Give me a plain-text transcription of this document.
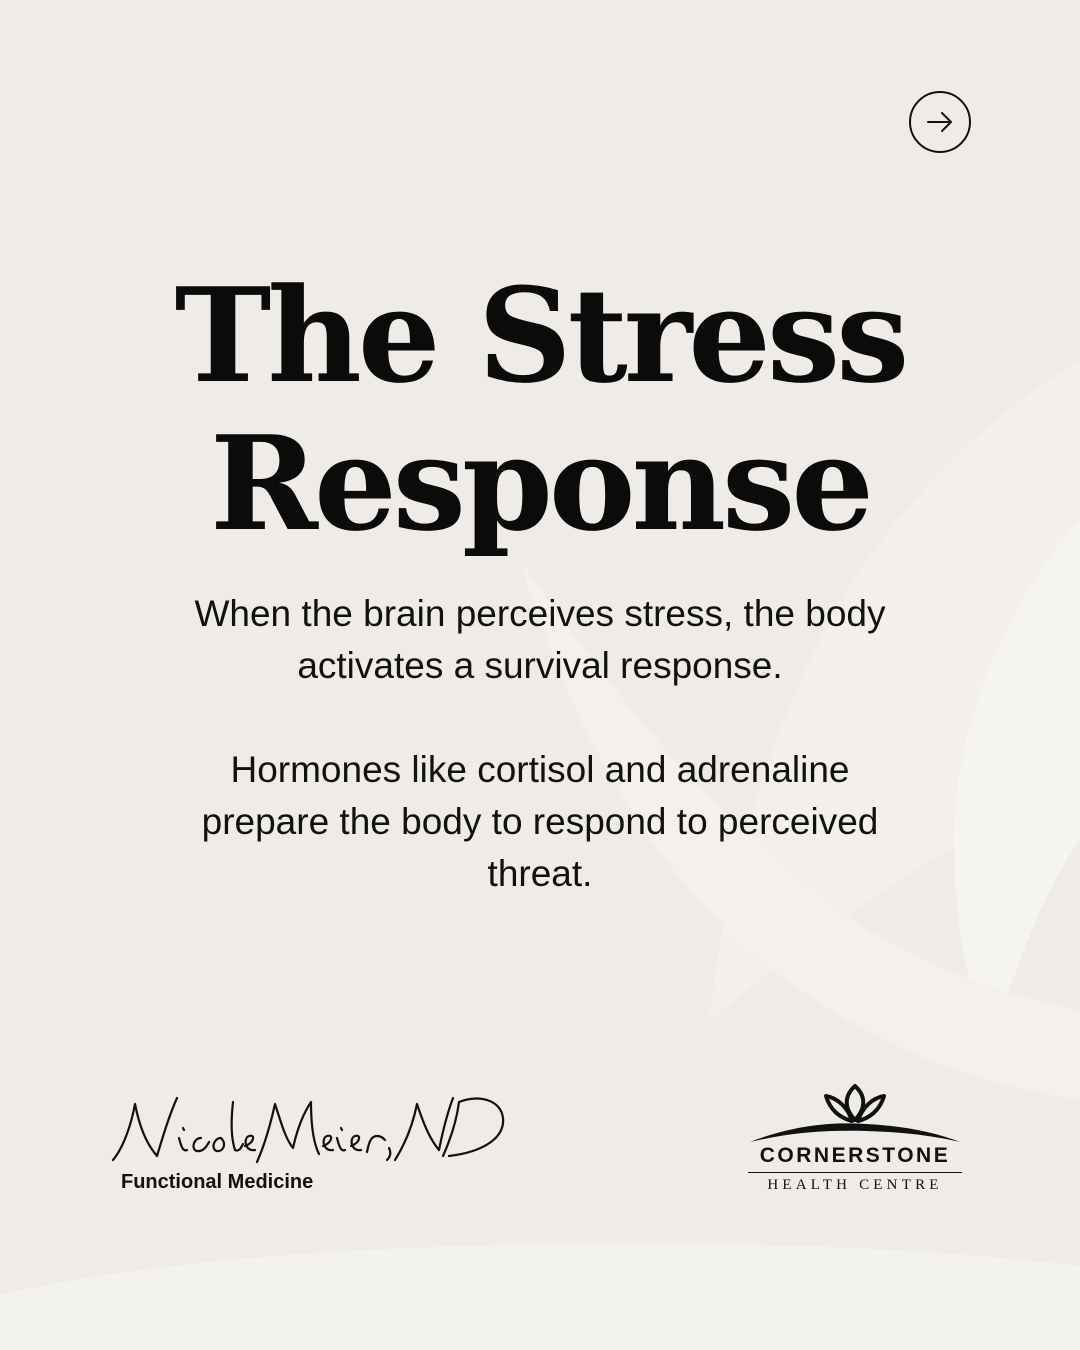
The Stress
Response

When the brain perceives stress, the body activates a survival response.

Hormones like cortisol and adrenaline prepare the body to respond to perceived threat.

Functional Medicine
CORNERSTONE
HEALTH CENTRE
